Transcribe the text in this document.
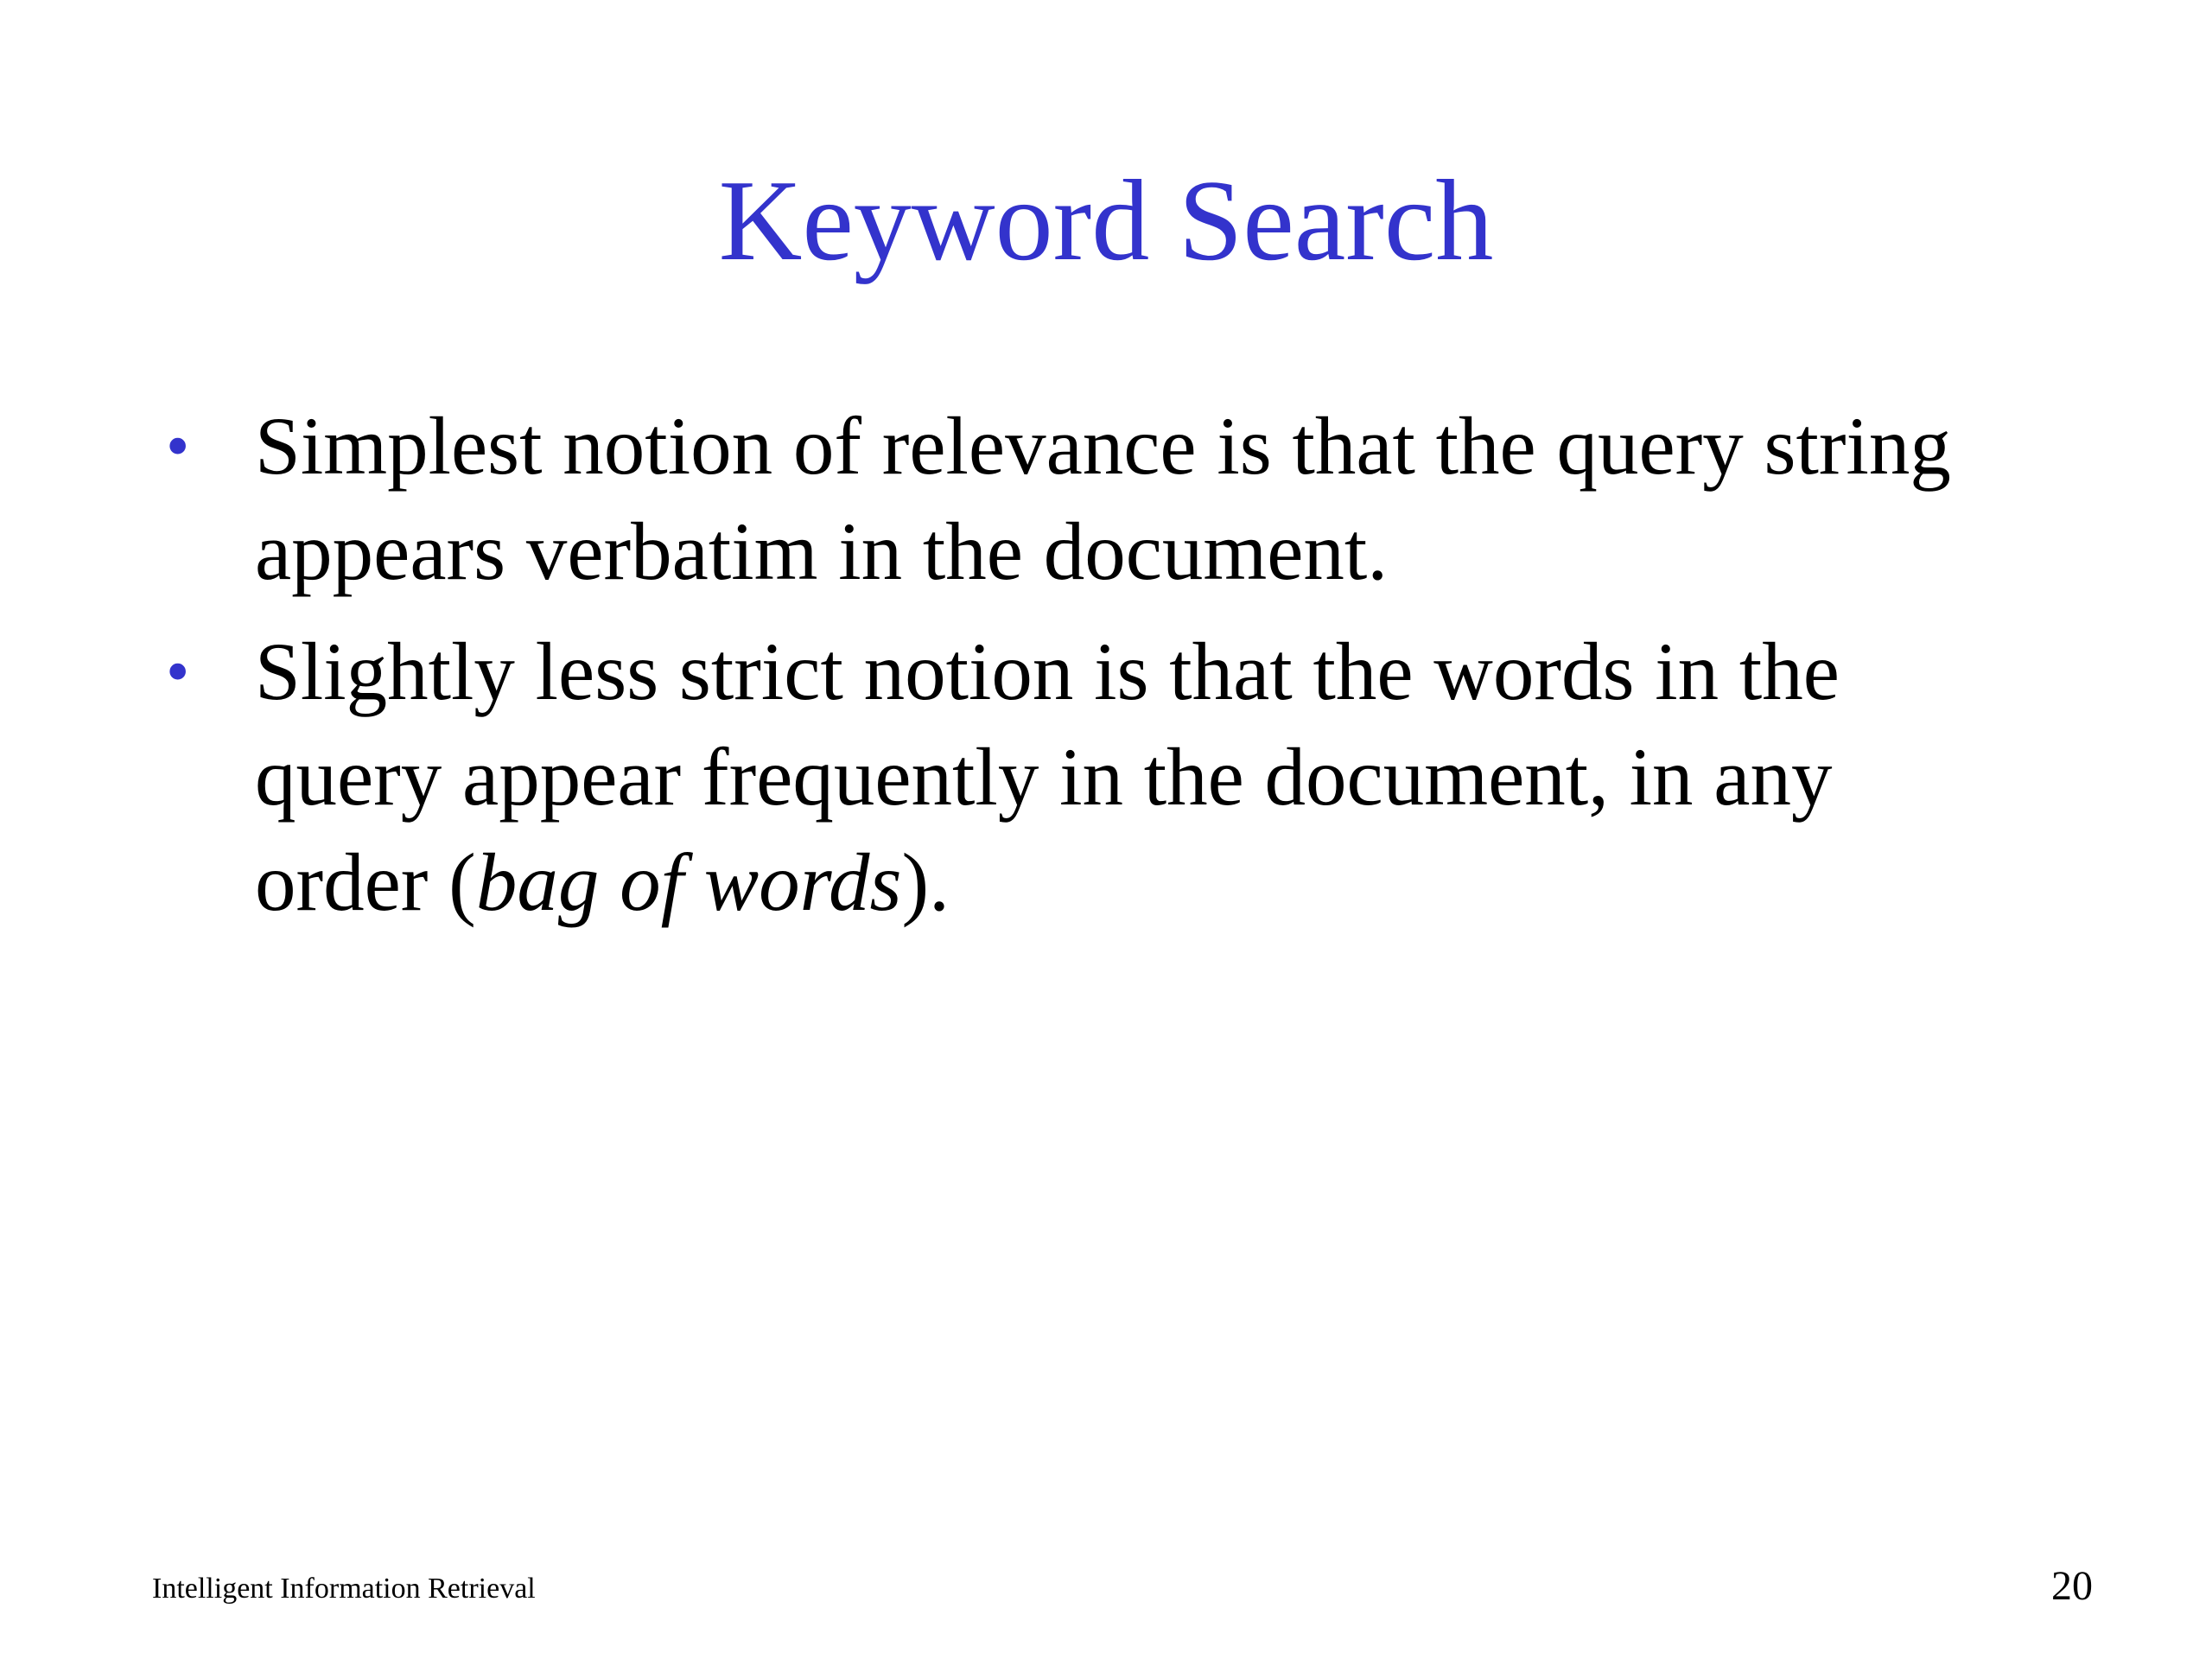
Keyword Search
• Simplest notion of relevance is that the query string appears verbatim in the document.
• Slightly less strict notion is that the words in the query appear frequently in the document, in any order (bag of words).
Intelligent Information Retrieval	20
